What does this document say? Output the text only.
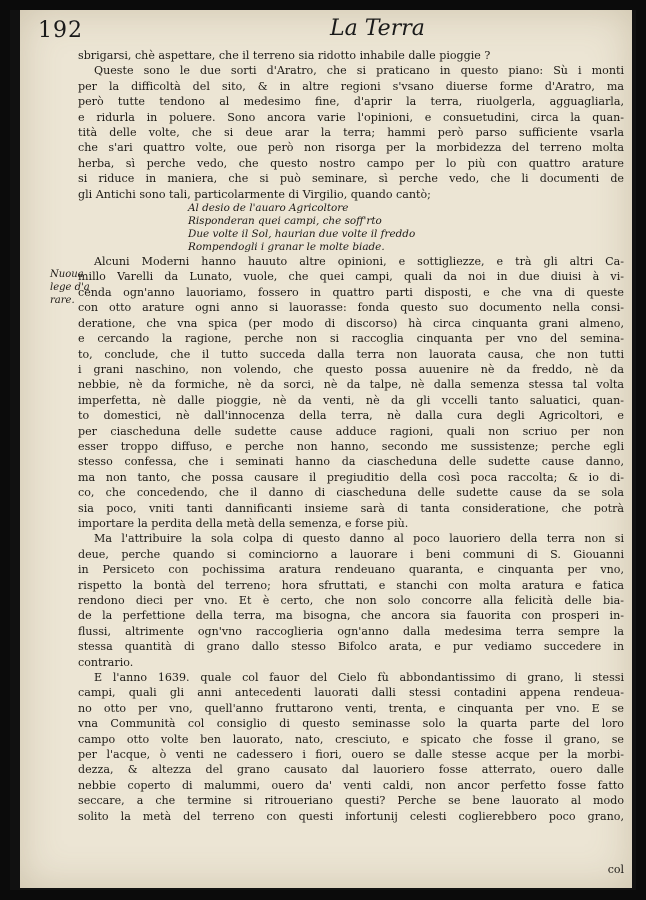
192	La Terra
Nuoua
lege d'a
rare.
sbrigarsi, chè aspettare, che il terreno sia ridotto inhabile dalle pioggie ?
Queste sono le due sorti d'Aratro, che si praticano in questo piano: Sù i monti
per la difficoltà del sito, & in altre regioni s'vsano diuerse forme d'Aratro, ma
però tutte tendono al medesimo fine, d'aprir la terra, riuolgerla, agguagliarla,
e ridurla in poluere. Sono ancora varie l'opinioni, e consuetudini, circa la quan-
tità delle volte, che si deue arar la terra; hammi però parso sufficiente vsarla
che s'ari quattro volte, oue però non risorga per la morbidezza del terreno molta
herba, sì perche vedo, che questo nostro campo per lo più con quattro arature
si riduce in maniera, che si può seminare, sì perche vedo, che li documenti de
gli Antichi sono tali, particolarmente di Virgilio, quando cantò;
Al desio de l'auaro Agricoltore
Risponderan quei campi, che soff'rto
Due volte il Sol, haurian due volte il freddo
Rompendogli i granar le molte biade.
Alcuni Moderni hanno hauuto altre opinioni, e sottigliezze, e trà gli altri Ca-
millo Varelli da Lunato, vuole, che quei campi, quali da noi in due diuisi à vi-
cenda ogn'anno lauoriamo, fossero in quattro parti disposti, e che vna di queste
con otto arature ogni anno si lauorasse: fonda questo suo documento nella consi-
deratione, che vna spica (per modo di discorso) hà circa cinquanta grani almeno,
e cercando la ragione, perche non si raccoglia cinquanta per vno del semina-
to, conclude, che il tutto succeda dalla terra non lauorata causa, che non tutti
i grani naschino, non volendo, che questo possa auuenire nè da freddo, nè da
nebbie, nè da formiche, nè da sorci, nè da talpe, nè dalla semenza stessa tal volta
imperfetta, nè dalle pioggie, nè da venti, nè da gli vccelli tanto saluatici, quan-
to domestici, nè dall'innocenza della terra, nè dalla cura degli Agricoltori, e
per ciascheduna delle sudette cause adduce ragioni, quali non scriuo per non
esser troppo diffuso, e perche non hanno, secondo me sussistenze; perche egli
stesso confessa, che i seminati hanno da ciascheduna delle sudette cause danno,
ma non tanto, che possa causare il pregiuditio della così poca raccolta; & io di-
co, che concedendo, che il danno di ciascheduna delle sudette cause da se sola
sia poco, vniti tanti dannificanti insieme sarà di tanta consideratione, che potrà
importare la perdita della metà della semenza, e forse più.
Ma l'attribuire la sola colpa di questo danno al poco lauoriero della terra non si
deue, perche quando si cominciorno a lauorare i beni communi di S. Giouanni
in Persiceto con pochissima aratura rendeuano quaranta, e cinquanta per vno,
rispetto la bontà del terreno; hora sfruttati, e stanchi con molta aratura e fatica
rendono dieci per vno. Et è certo, che non solo concorre alla felicità delle bia-
de la perfettione della terra, ma bisogna, che ancora sia fauorita con prosperi in-
flussi, altrimente ogn'vno raccoglieria ogn'anno dalla medesima terra sempre la
stessa quantità di grano dallo stesso Bifolco arata, e pur vediamo succedere in
contrario.
E l'anno 1639. quale col fauor del Cielo fù abbondantissimo di grano, li stessi
campi, quali gli anni antecedenti lauorati dalli stessi contadini appena rendeua-
no otto per vno, quell'anno fruttarono venti, trenta, e cinquanta per vno. E se
vna Communità col consiglio di questo seminasse solo la quarta parte del loro
campo otto volte ben lauorato, nato, cresciuto, e spicato che fosse il grano, se
per l'acque, ò venti ne cadessero i fiori, ouero se dalle stesse acque per la morbi-
dezza, & altezza del grano causato dal lauoriero fosse atterrato, ouero dalle
nebbie coperto di malummi, ouero da' venti caldi, non ancor perfetto fosse fatto
seccare, a che termine si ritroueriano questi? Perche se bene lauorato al modo
solito la metà del terreno con questi infortunij celesti coglierebbero poco grano,
col
